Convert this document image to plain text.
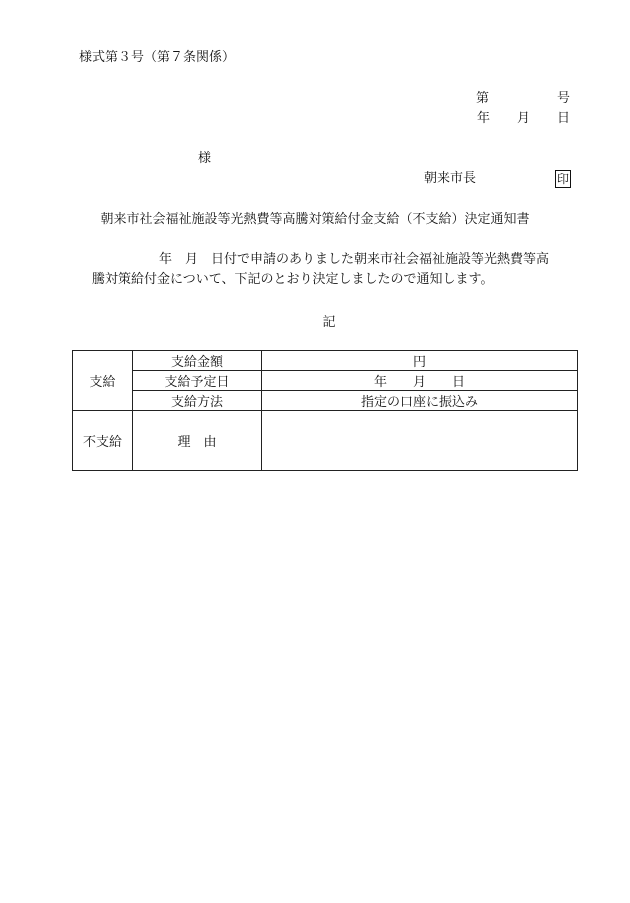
様式第３号（第７条関係）
第	号
年 月 日
様
朝来市長	印
朝来市社会福祉施設等光熱費等高騰対策給付金支給（不支給）決定通知書
年　月　日付で申請のありました朝来市社会福祉施設等光熱費等高
騰対策給付金について、下記のとおり決定しましたので通知します。
記
支給	支給金額	円
	支給予定日	年　　月　　日
	支給方法	指定の口座に振込み
不支給	理　由	
